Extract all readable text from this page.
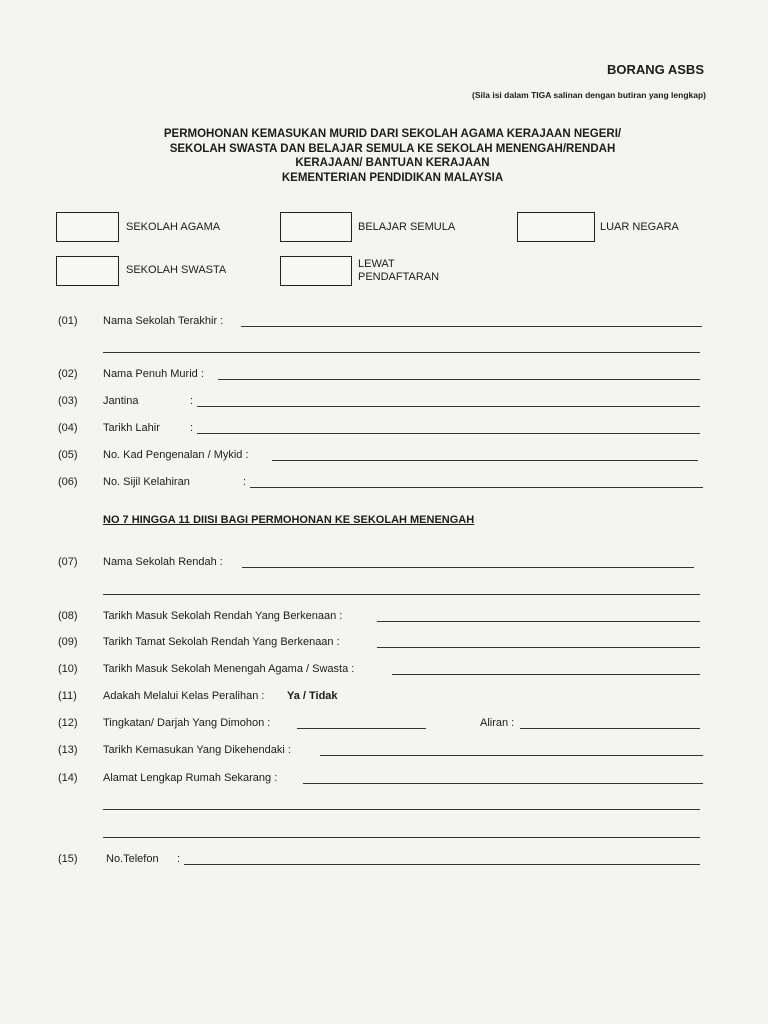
BORANG ASBS
(Sila isi dalam TIGA salinan dengan butiran yang lengkap)
PERMOHONAN KEMASUKAN MURID DARI SEKOLAH AGAMA KERAJAAN NEGERI/
SEKOLAH SWASTA DAN BELAJAR SEMULA KE SEKOLAH MENENGAH/RENDAH
KERAJAAN/ BANTUAN KERAJAAN
KEMENTERIAN PENDIDIKAN MALAYSIA
SEKOLAH AGAMA	BELAJAR SEMULA	LUAR NEGARA
SEKOLAH SWASTA	LEWAT
PENDAFTARAN
(01) Nama Sekolah Terakhir :
(02) Nama Penuh Murid :
(03) Jantina	:
(04) Tarikh Lahir	:
(05) No. Kad Pengenalan / Mykid :
(06) No. Sijil Kelahiran	:
NO 7 HINGGA 11 DIISI BAGI PERMOHONAN KE SEKOLAH MENENGAH
(07) Nama Sekolah Rendah :
(08) Tarikh Masuk Sekolah Rendah Yang Berkenaan :
(09) Tarikh Tamat Sekolah Rendah Yang Berkenaan :
(10) Tarikh Masuk Sekolah Menengah Agama / Swasta :
(11) Adakah Melalui Kelas Peralihan : Ya / Tidak
(12) Tingkatan/ Darjah Yang Dimohon :	Aliran :
(13) Tarikh Kemasukan Yang Dikehendaki :
(14) Alamat Lengkap Rumah Sekarang :
(15)	No.Telefon :
